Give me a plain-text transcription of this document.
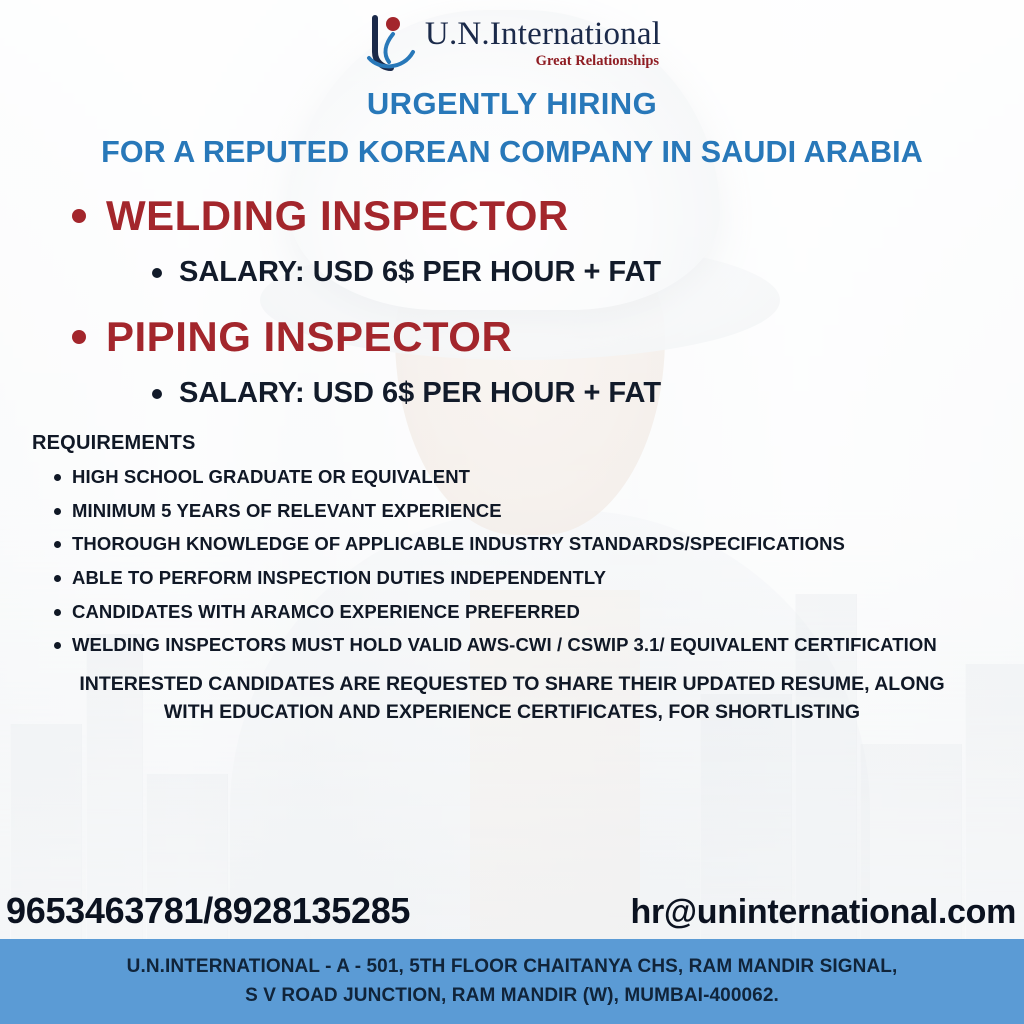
U.N.International
Great Relationships
URGENTLY HIRING
FOR A REPUTED KOREAN COMPANY IN SAUDI ARABIA
WELDING INSPECTOR
SALARY: USD 6$ PER HOUR + FAT
PIPING INSPECTOR
SALARY: USD 6$ PER HOUR + FAT
REQUIREMENTS
HIGH SCHOOL GRADUATE OR EQUIVALENT
MINIMUM 5 YEARS OF RELEVANT EXPERIENCE
THOROUGH KNOWLEDGE OF APPLICABLE INDUSTRY STANDARDS/SPECIFICATIONS
ABLE TO PERFORM INSPECTION DUTIES INDEPENDENTLY
CANDIDATES WITH ARAMCO EXPERIENCE PREFERRED
WELDING INSPECTORS MUST HOLD VALID AWS-CWI / CSWIP 3.1/ EQUIVALENT CERTIFICATION
INTERESTED CANDIDATES ARE REQUESTED TO SHARE THEIR UPDATED RESUME, ALONG
WITH EDUCATION AND EXPERIENCE CERTIFICATES, FOR SHORTLISTING
9653463781/8928135285	hr@uninternational.com
U.N.INTERNATIONAL - A - 501, 5TH FLOOR CHAITANYA CHS, RAM MANDIR SIGNAL,
S V ROAD JUNCTION, RAM MANDIR (W), MUMBAI-400062.
